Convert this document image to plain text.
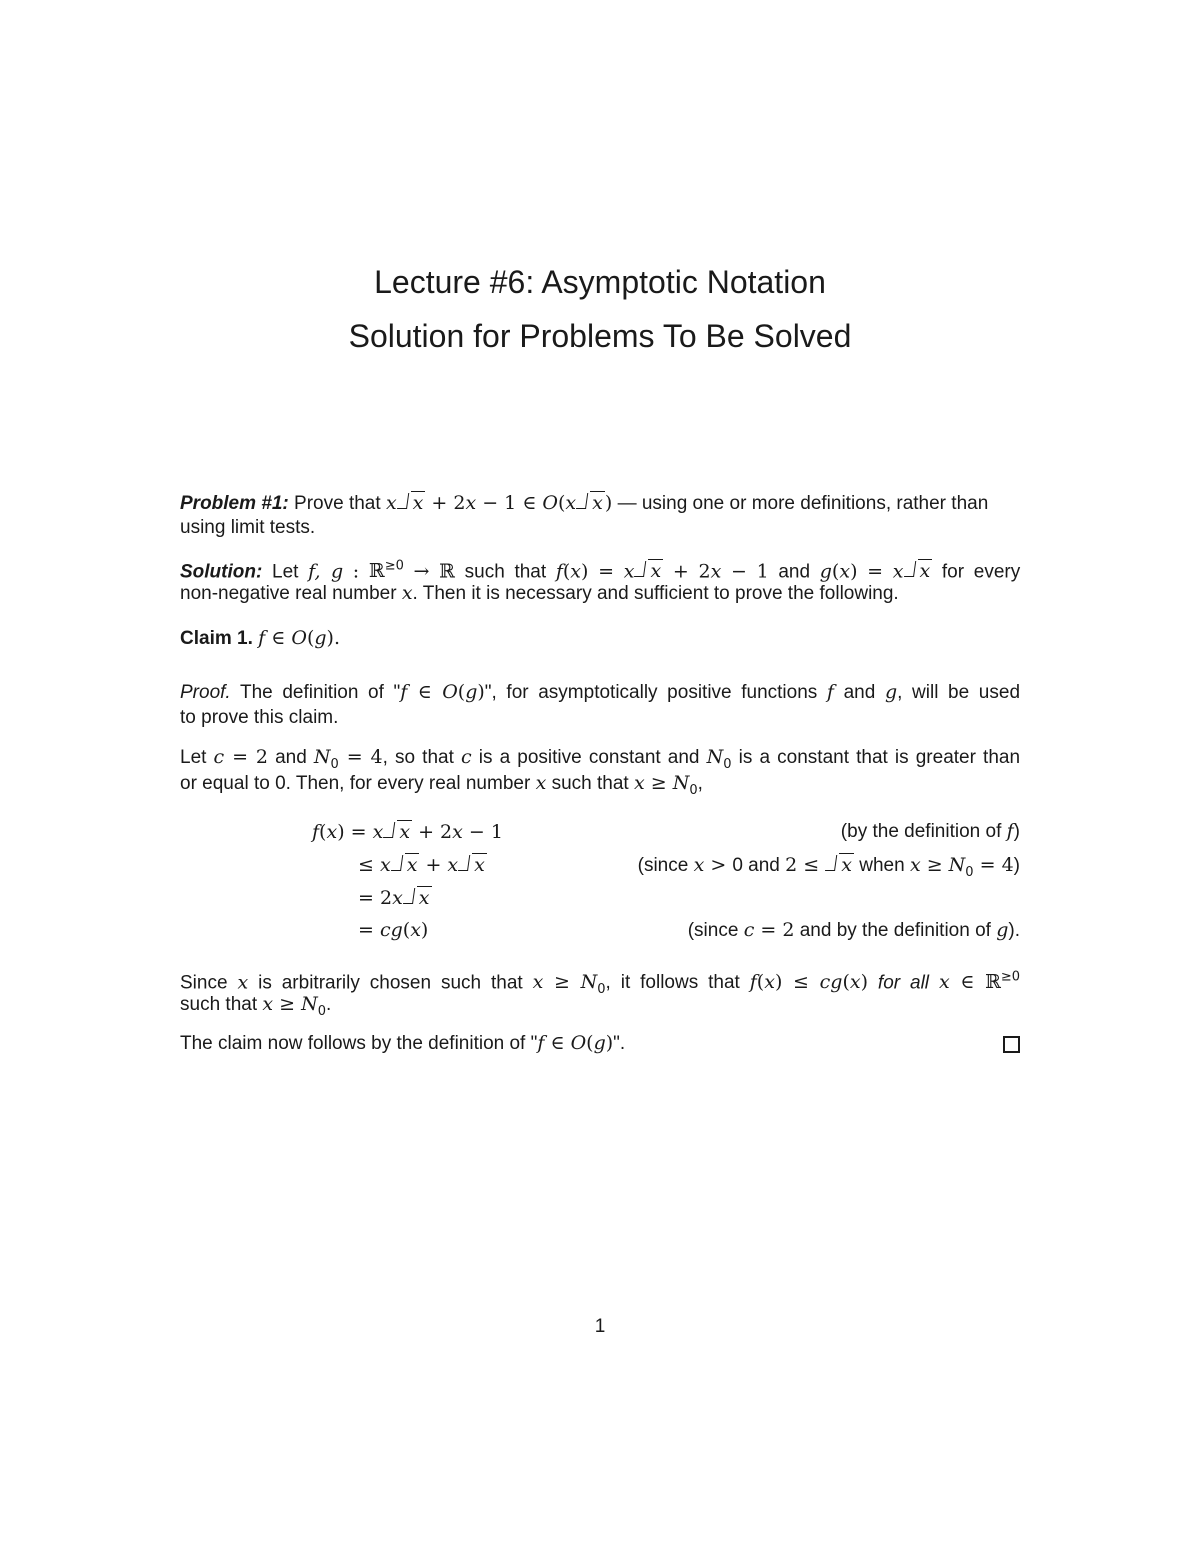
Lecture #6: Asymptotic Notation
Solution for Problems To Be Solved
Problem #1: Prove that x x + 2x − 1 ∈ O(x x ) — using one or more definitions, rather than
using limit tests.
Solution: Let f, g : ℝ$^{\ge 0}$ → ℝ such that f(x) = x x + 2x − 1 and g(x) = x x for every
non-negative real number x. Then it is necessary and sufficient to prove the following.
Claim 1. f ∈ O(g).
Proof. The definition of "f ∈ O(g)", for asymptotically positive functions f and g, will be used
to prove this claim.
Let c = 2 and $N_0 = 4$, so that c is a positive constant and $N_0$ is a constant that is greater than
or equal to 0. Then, for every real number x such that $x \ge N_0$,
f(x) = x x + 2x − 1	(by the definition of f)
≤ x x + x x	(since x > 0 and 2 ≤ x when $x \ge N_0 = 4$)
= 2x x
= cg(x)	(since c = 2 and by the definition of g).
Since x is arbitrarily chosen such that $x \ge N_0$, it follows that f(x) ≤ cg(x) for all x ∈ ℝ$^{\ge 0}$
such that $x \ge N_0$.
The claim now follows by the definition of "f ∈ O(g)".
1
